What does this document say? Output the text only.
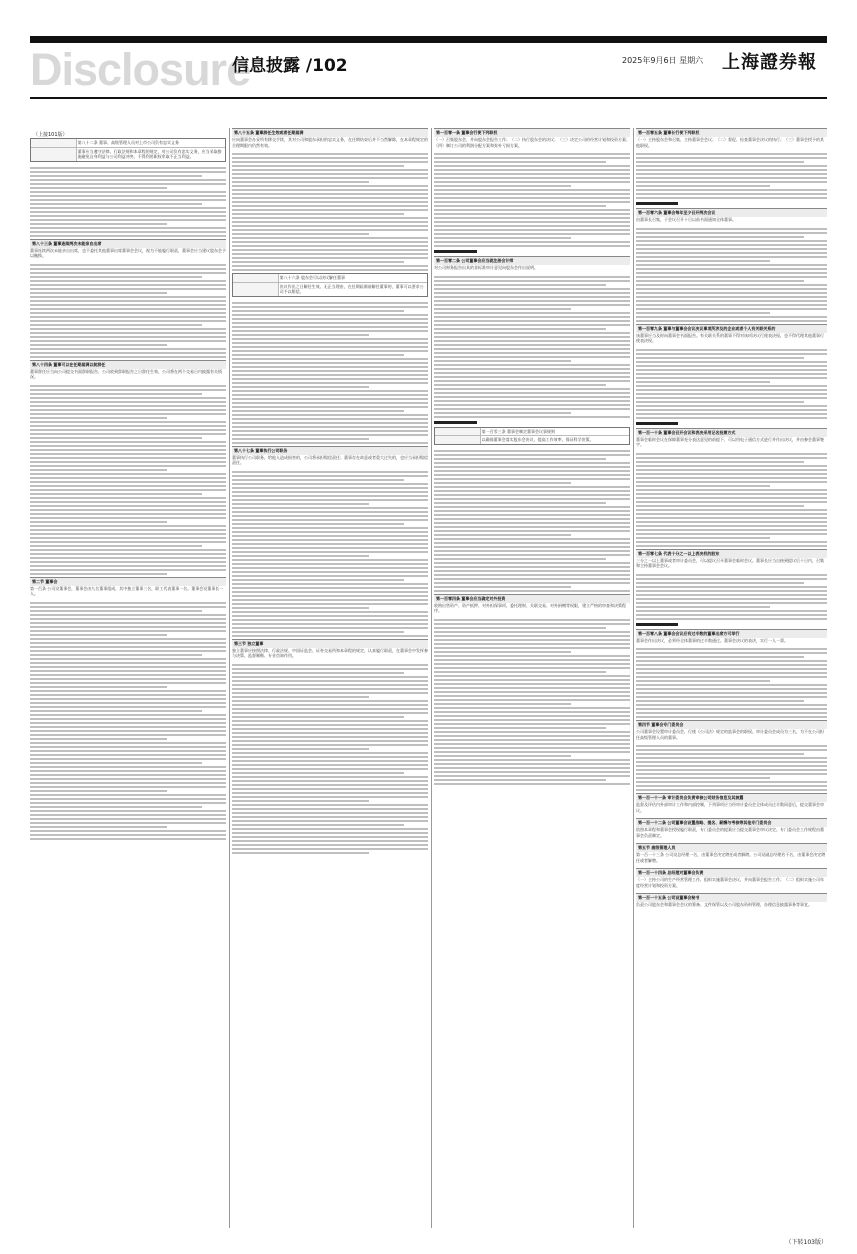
Disclosure
信息披露 /102	2025年9月6日 星期六 上海證券報
（上接101版）
第八十二条 董事、高级管理人员对上市公司负有忠实义务
董事应当遵守法律、行政法规和本章程的规定，对公司负有忠实义务，应当采取措施避免自身利益与公司利益冲突，不得利用职权牟取不正当利益。
第八十三条 董事连续两次未能亲自出席
董事连续两次未能亲自出席，也不委托其他董事出席董事会会议，视为不能履行职责，董事会应当建议股东会予以撤换。
第八十四条 董事可以在任期届满以前辞任
董事辞任应当向公司提交书面辞职报告，公司收到辞职报告之日辞任生效，公司将在两个交易日内披露有关情况。
第二节 董事会
第一百条 公司设董事会，董事会由九名董事组成，其中独立董事三名，职工代表董事一名。董事会设董事长一人。
第八十五条 董事辞任生效或者任期届满
应向董事会办妥所有移交手续，其对公司和股东承担的忠实义务，在任期结束后并不当然解除，在本章程规定的合理期限内仍然有效。
第八十六条 股东会可以决议解任董事
决议作出之日解任生效。无正当理由，在任期届满前解任董事的，董事可以要求公司予以赔偿。
第八十七条 董事执行公司职务
董事执行公司职务，给他人造成损害的，公司将承担赔偿责任；董事存在故意或者重大过失的，也应当承担赔偿责任。
第三节 独立董事
独立董事应按照法律、行政法规、中国证监会、证券交易所和本章程的规定，认真履行职责，在董事会中发挥参与决策、监督制衡、专业咨询作用。
第一百零一条 董事会行使下列职权
（一）召集股东会，并向股东会报告工作；（二）执行股东会的决议；（三）决定公司的经营计划和投资方案；（四）制订公司的利润分配方案和弥补亏损方案。
第一百零二条 公司董事会应当就注册会计师
对公司财务报告出具的非标准审计意见向股东会作出说明。
第一百零三条 董事会制定董事会议事规则
以确保董事会落实股东会决议，提高工作效率，保证科学决策。
第一百零四条 董事会应当确定对外投资
收购出售资产、资产抵押、对外担保事项、委托理财、关联交易、对外捐赠等权限，建立严格的审查和决策程序。
第一百零五条 董事长行使下列职权
（一）主持股东会和召集、主持董事会会议；（二）督促、检查董事会决议的执行；（三）董事会授予的其他职权。
第一百零六条 董事会每年至少召开两次会议
由董事长召集，于会议召开十日以前书面通知全体董事。
第一百零九条 董事与董事会会议决议事项所涉及的企业或者个人有关联关系的
该董事应当及时向董事会书面报告。有关联关系的董事不得对该项决议行使表决权，也不得代理其他董事行使表决权。
第一百一十条 董事会召开会议和表决采用记名投票方式
董事会临时会议在保障董事充分表达意见的前提下，可以用电子通信方式进行并作出决议，并由参会董事签字。
第一百零七条 代表十分之一以上表决权的股东
三分之一以上董事或者审计委员会，可以提议召开董事会临时会议。董事长应当自接到提议后十日内，召集和主持董事会会议。
第一百零八条 董事会会议应有过半数的董事出席方可举行
董事会作出决议，必须经全体董事的过半数通过。董事会决议的表决，实行一人一票。
第四节 董事会专门委员会
公司董事会设置审计委员会，行使《公司法》规定的监事会的职权。审计委员会成员为三名，为不在公司担任高级管理人员的董事。
第一百一十一条 审计委员会负责审核公司财务信息及其披露
监督及评估内外部审计工作和内部控制，下列事项应当经审计委员会全体成员过半数同意后，提交董事会审议。
第一百一十二条 公司董事会设置战略、提名、薪酬与考核等其他专门委员会
依照本章程和董事会授权履行职责，专门委员会的提案应当提交董事会审议决定。专门委员会工作规程由董事会负责制定。
第五节 高级管理人员
第一百一十三条 公司设总经理一名，由董事会决定聘任或者解聘。公司设副总经理若干名，由董事会决定聘任或者解聘。
第一百一十四条 总经理对董事会负责
（一）主持公司的生产经营管理工作，组织实施董事会决议，并向董事会报告工作；（二）组织实施公司年度经营计划和投资方案。
第一百一十五条 公司设董事会秘书
负责公司股东会和董事会会议的筹备、文件保管以及公司股东资料管理，办理信息披露事务等事宜。
（下转103版）
